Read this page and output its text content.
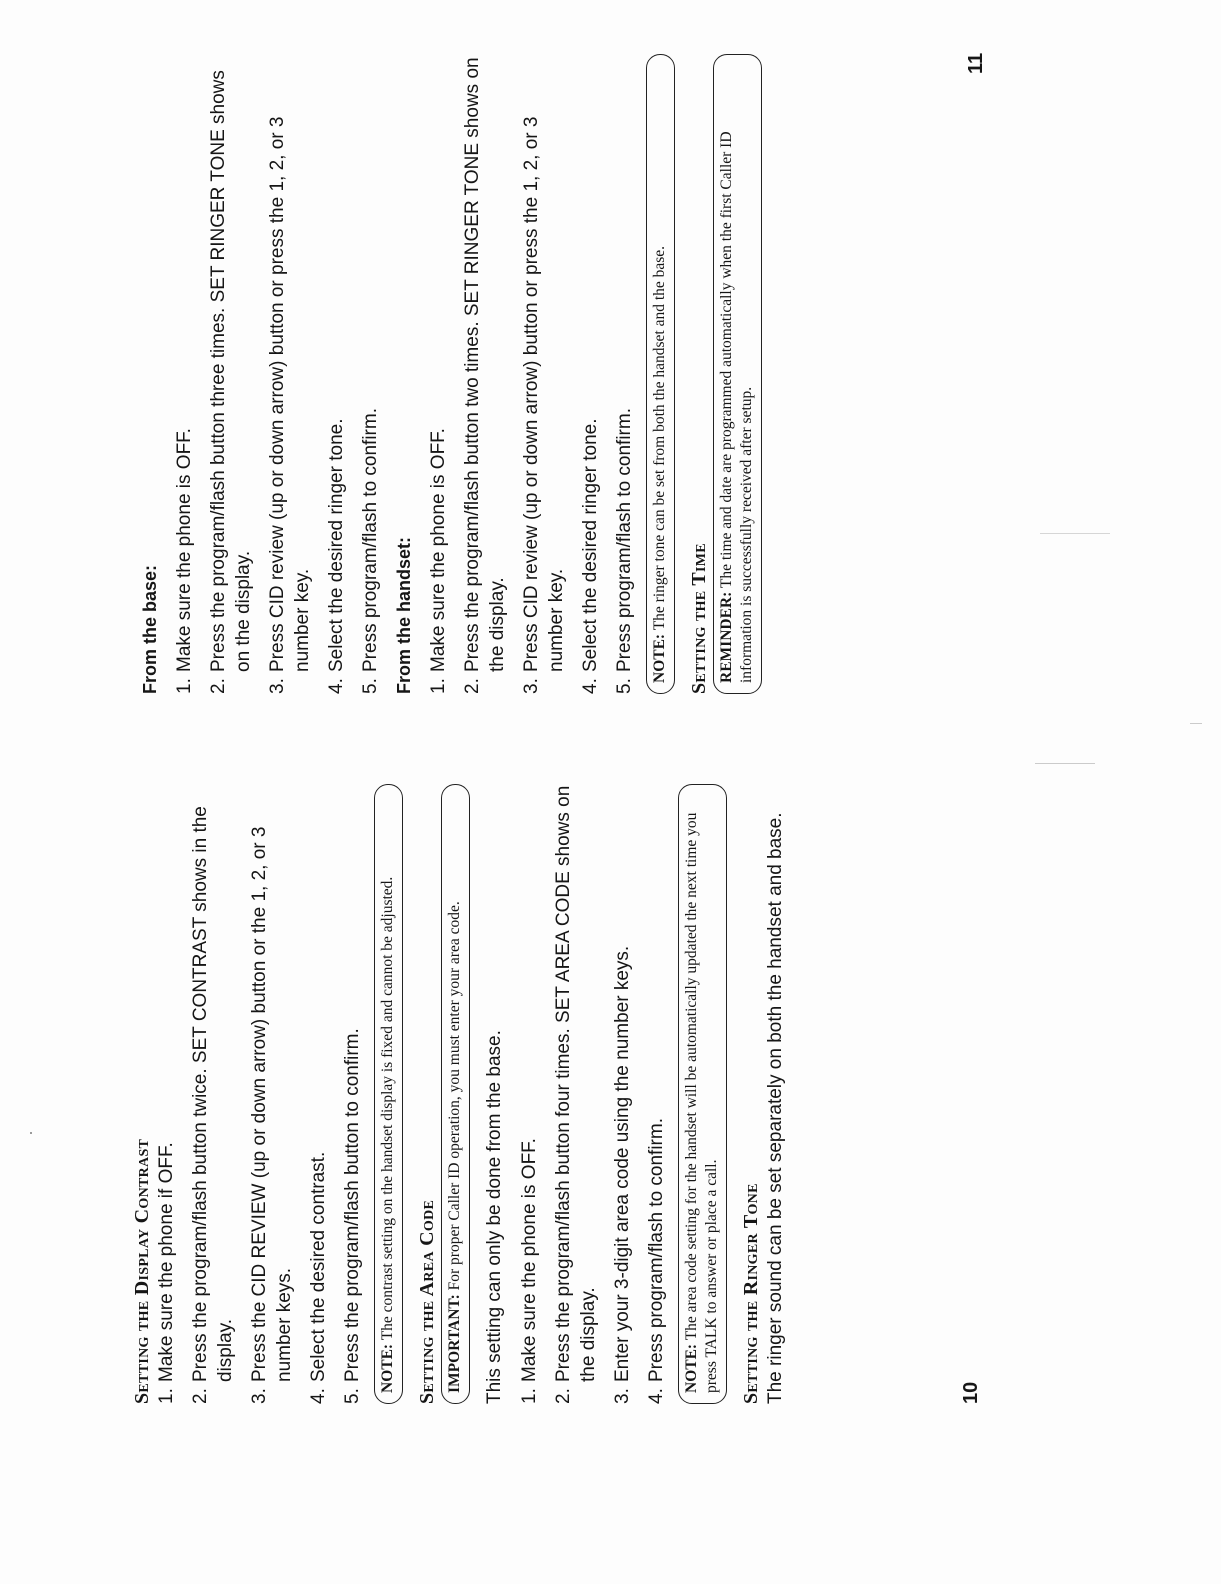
Setting the Display Contrast 1.
Make sure the phone if OFF.
2.
Press the program/flash button twice. SET CONTRAST shows in the display.
3.
Press the CID REVIEW (up or down arrow) button or the 1, 2, or 3 number keys.
4.
Select the desired contrast.
5.
Press the program/flash button to confirm.	NOTE: The contrast setting on the handset display is fixed and cannot be adjusted.	Setting the Area Code IMPORTANT: For proper Caller ID operation, you must enter your area code.	This setting can only be done from the base. 1.
Make sure the phone is OFF.
2.
Press the program/flash button four times. SET AREA CODE shows on the display.
3.
Enter your 3-digit area code using the number keys.
4.
Press program/flash to confirm.	NOTE: The area code setting for the handset will be automatically updated the next time you press TALK to answer or place a call.	Setting the Ringer Tone The ringer sound can be set separately on both the handset and base.	10

From the base: 1.
Make sure the phone is OFF.
2.
Press the program/flash button three times. SET RINGER TONE shows on the display.
3.
Press CID review (up or down arrow) button or press the 1, 2, or 3 number key.
4.
Select the desired ringer tone.
5.
Press program/flash to confirm. From the handset: 1.
Make sure the phone is OFF.
2.
Press the program/flash button two times. SET RINGER TONE shows on the display.
3.
Press CID review (up or down arrow) button or press the 1, 2, or 3 number key.
4.
Select the desired ringer tone.
5.
Press program/flash to confirm.	NOTE: The ringer tone can be set from both the handset and the base.	Setting the Time REMINDER: The time and date are programmed automatically when the first Caller ID information is successfully received after setup.
11
